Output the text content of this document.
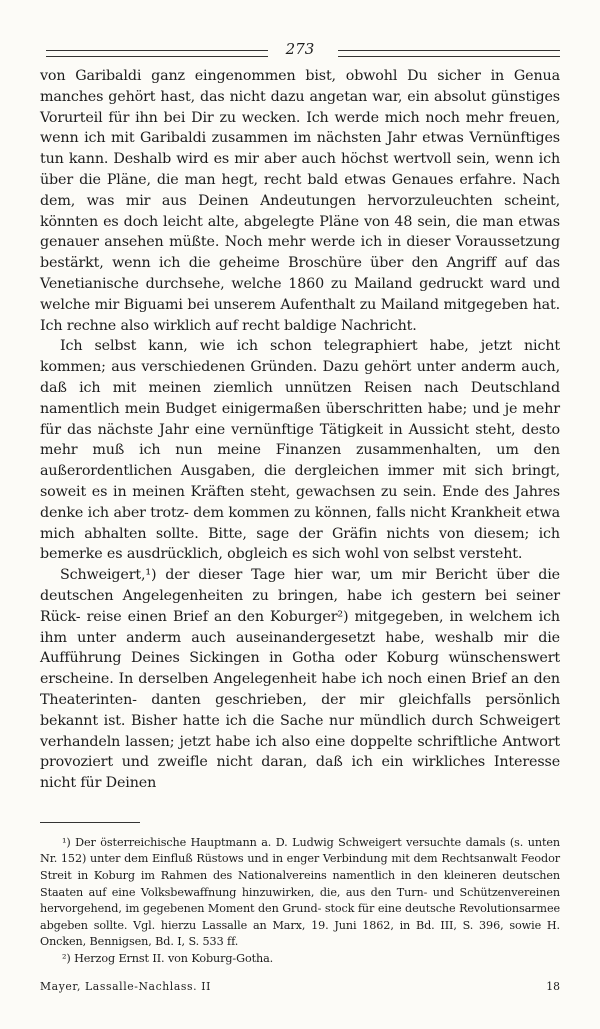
273

von Garibaldi ganz eingenommen bist, obwohl Du sicher in Genua manches gehört hast, das nicht dazu angetan war, ein absolut günstiges Vorurteil für ihn bei Dir zu wecken. Ich werde mich noch mehr freuen, wenn ich mit Garibaldi zusammen im nächsten Jahr etwas Vernünftiges tun kann. Deshalb wird es mir aber auch höchst wertvoll sein, wenn ich über die Pläne, die man hegt, recht bald etwas Genaues erfahre. Nach dem, was mir aus Deinen Andeutungen hervorzuleuchten scheint, könnten es doch leicht alte, abgelegte Pläne von 48 sein, die man etwas genauer ansehen müßte. Noch mehr werde ich in dieser Voraussetzung bestärkt, wenn ich die geheime Broschüre über den Angriff auf das Venetianische durchsehe, welche 1860 zu Mailand gedruckt ward und welche mir Biguami bei unserem Aufenthalt zu Mailand mitgegeben hat. Ich rechne also wirklich auf recht baldige Nachricht.

Ich selbst kann, wie ich schon telegraphiert habe, jetzt nicht kommen; aus verschiedenen Gründen. Dazu gehört unter anderm auch, daß ich mit meinen ziemlich unnützen Reisen nach Deutschland namentlich mein Budget einigermaßen überschritten habe; und je mehr für das nächste Jahr eine vernünftige Tätigkeit in Aussicht steht, desto mehr muß ich nun meine Finanzen zusammenhalten, um den außerordentlichen Ausgaben, die dergleichen immer mit sich bringt, soweit es in meinen Kräften steht, gewachsen zu sein. Ende des Jahres denke ich aber trotz- dem kommen zu können, falls nicht Krankheit etwa mich abhalten sollte. Bitte, sage der Gräfin nichts von diesem; ich bemerke es ausdrücklich, obgleich es sich wohl von selbst versteht.

Schweigert,¹) der dieser Tage hier war, um mir Bericht über die deutschen Angelegenheiten zu bringen, habe ich gestern bei seiner Rück- reise einen Brief an den Koburger²) mitgegeben, in welchem ich ihm unter anderm auch auseinandergesetzt habe, weshalb mir die Aufführung Deines Sickingen in Gotha oder Koburg wünschenswert erscheine. In derselben Angelegenheit habe ich noch einen Brief an den Theaterinten- danten geschrieben, der mir gleichfalls persönlich bekannt ist. Bisher hatte ich die Sache nur mündlich durch Schweigert verhandeln lassen; jetzt habe ich also eine doppelte schriftliche Antwort provoziert und zweifle nicht daran, daß ich ein wirkliches Interesse nicht für Deinen

¹) Der österreichische Hauptmann a. D. Ludwig Schweigert versuchte damals (s. unten Nr. 152) unter dem Einfluß Rüstows und in enger Verbindung mit dem Rechtsanwalt Feodor Streit in Koburg im Rahmen des Nationalvereins namentlich in den kleineren deutschen Staaten auf eine Volksbewaffnung hinzuwirken, die, aus den Turn- und Schützenvereinen hervorgehend, im gegebenen Moment den Grund- stock für eine deutsche Revolutionsarmee abgeben sollte. Vgl. hierzu Lassalle an Marx, 19. Juni 1862, in Bd. III, S. 396, sowie H. Oncken, Bennigsen, Bd. I, S. 533 ff.

²) Herzog Ernst II. von Koburg-Gotha.

Mayer, Lassalle-Nachlass. II	18
